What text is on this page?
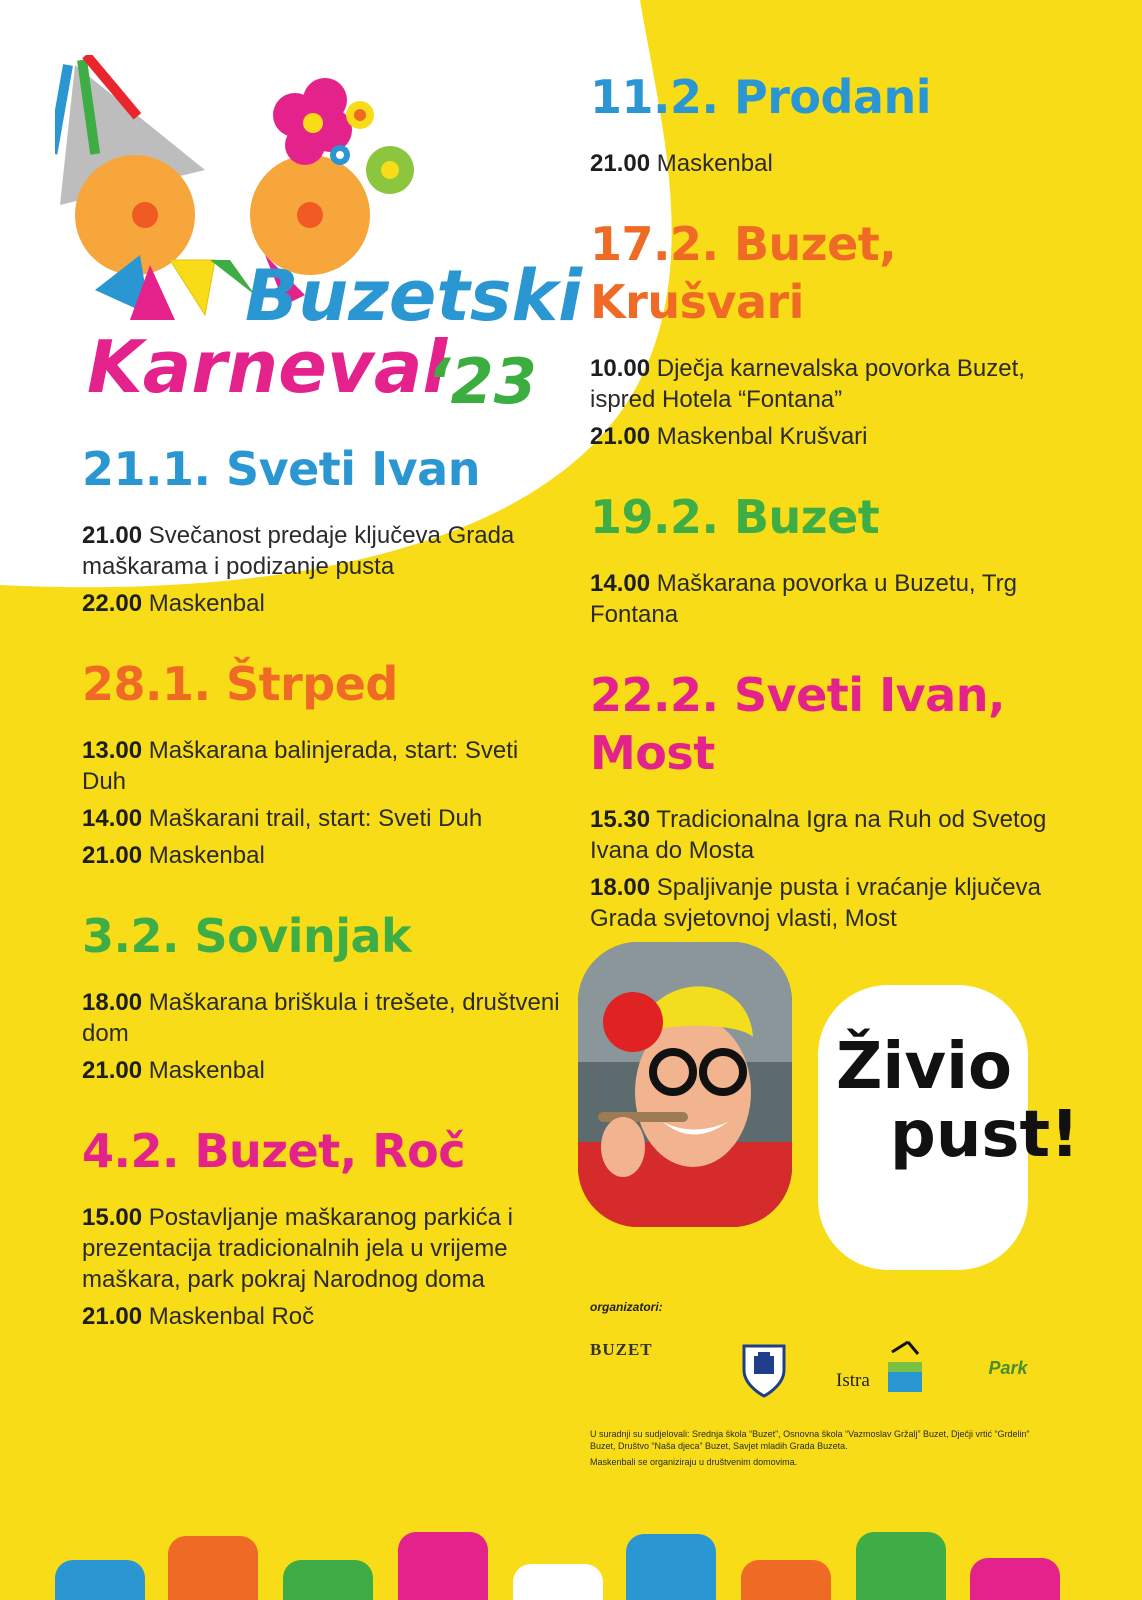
Buzetski
Karneval
‘23
21.1. Sveti Ivan

21.00 Svečanost predaje ključeva Grada maškarama i podizanje pusta

22.00 Maskenbal

28.1. Štrped

13.00 Maškarana balinjerada, start: Sveti Duh

14.00 Maškarani trail, start: Sveti Duh

21.00 Maskenbal

3.2. Sovinjak

18.00 Maškarana briškula i trešete, društveni dom

21.00 Maskenbal

4.2. Buzet, Roč

15.00 Postavljanje maškaranog parkića i prezentacija tradicionalnih jela u vrijeme maškara, park pokraj Narodnog doma

21.00 Maskenbal Roč

11.2. Prodani

21.00 Maskenbal

17.2. Buzet, Krušvari

10.00 Dječja karnevalska povorka Buzet, ispred Hotela “Fontana”

21.00 Maskenbal Krušvari

19.2. Buzet

14.00 Maškarana povorka u Buzetu, Trg Fontana

22.2. Sveti Ivan, Most

15.30 Tradicionalna Igra na Ruh od Svetog Ivana do Mosta

18.00 Spaljivanje pusta i vraćanje ključeva Grada svjetovnoj vlasti, Most

Živio
pust!
organizatori:
BUZET
Istra
Park

U suradnji su sudjelovali: Srednja škola “Buzet”, Osnovna škola “Vazmoslav Gržalj” Buzet, Dječji vrtić “Grdelin” Buzet, Društvo “Naša djeca” Buzet, Savjet mladih Grada Buzeta.

Maskenbali se organiziraju u društvenim domovima.
